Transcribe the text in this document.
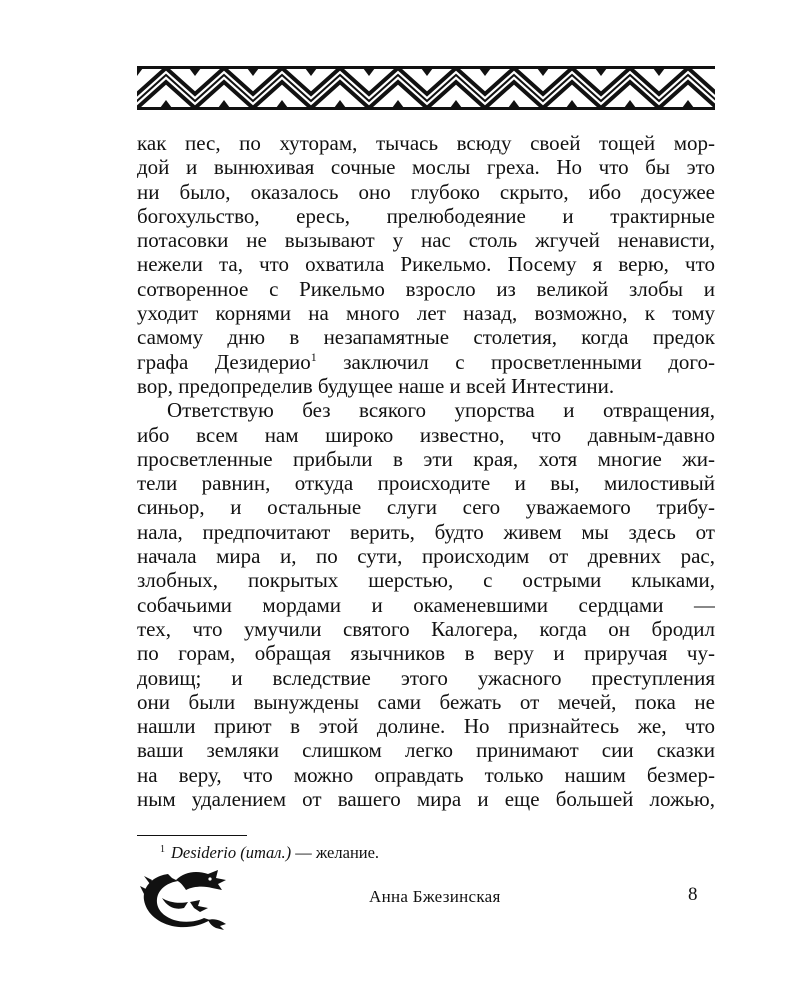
как пес, по хуторам, тычась всюду своей тощей мор-
дой и вынюхивая сочные мослы греха. Но что бы это
ни было, оказалось оно глубоко скрыто, ибо досужее
богохульство, ересь, прелюбодеяние и трактирные
потасовки не вызывают у нас столь жгучей ненависти,
нежели та, что охватила Рикельмо. Посему я верю, что
сотворенное с Рикельмо взросло из великой злобы и
уходит корнями на много лет назад, возможно, к тому
самому дню в незапамятные столетия, когда предок
графа Дезидерио$^1$ заключил с просветленными дого-
вор, предопределив будущее наше и всей Интестини.
Ответствую без всякого упорства и отвращения,
ибо всем нам широко известно, что давным-давно
просветленные прибыли в эти края, хотя многие жи-
тели равнин, откуда происходите и вы, милостивый
синьор, и остальные слуги сего уважаемого трибу-
нала, предпочитают верить, будто живем мы здесь от
начала мира и, по сути, происходим от древних рас,
злобных, покрытых шерстью, с острыми клыками,
собачьими мордами и окаменевшими сердцами —
тех, что умучили святого Калогера, когда он бродил
по горам, обращая язычников в веру и приручая чу-
довищ; и вследствие этого ужасного преступления
они были вынуждены сами бежать от мечей, пока не
нашли приют в этой долине. Но признайтесь же, что
ваши земляки слишком легко принимают сии сказки
на веру, что можно оправдать только нашим безмер-
ным удалением от вашего мира и еще большей ложью,
$^1$ Desiderio (итал.) — желание.
Анна Бжезинская	8
